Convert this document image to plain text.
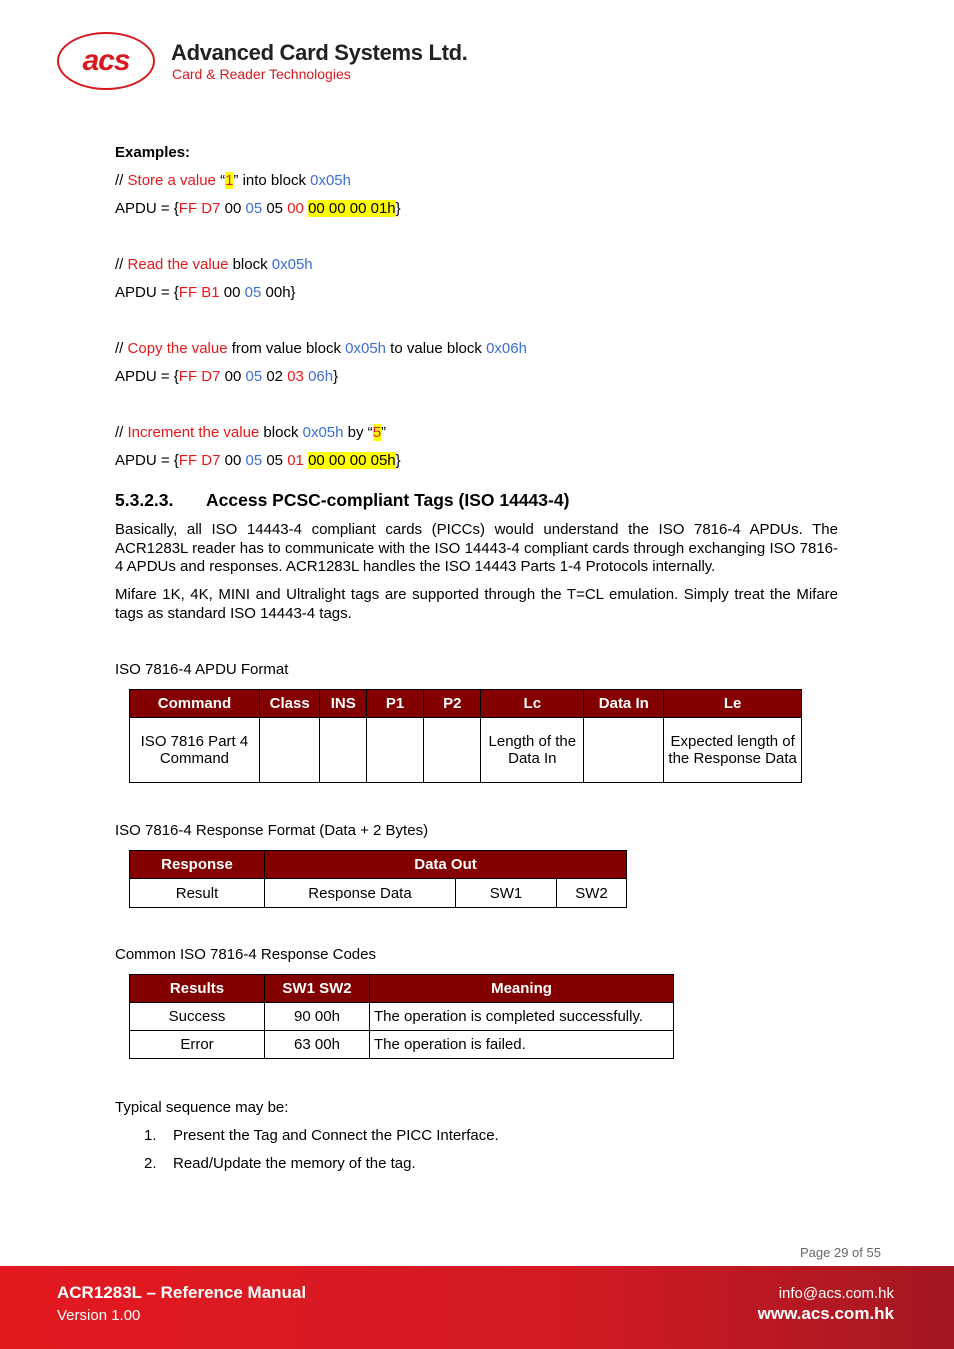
acs Advanced Card Systems Ltd.
Card & Reader Technologies
Examples:
// Store a value “1” into block 0x05h
APDU = {FF D7 00 05 05 00 00 00 00 01h}
// Read the value block 0x05h
APDU = {FF B1 00 05 00h}
// Copy the value from value block 0x05h to value block 0x06h
APDU = {FF D7 00 05 02 03 06h}
// Increment the value block 0x05h by “5”
APDU = {FF D7 00 05 05 01 00 00 00 05h}
5.3.2.3. Access PCSC-compliant Tags (ISO 14443-4)
Basically, all ISO 14443-4 compliant cards (PICCs) would understand the ISO 7816-4 APDUs. The ACR1283L reader has to communicate with the ISO 14443-4 compliant cards through exchanging ISO 7816-4 APDUs and responses. ACR1283L handles the ISO 14443 Parts 1-4 Protocols internally.
Mifare 1K, 4K, MINI and Ultralight tags are supported through the T=CL emulation. Simply treat the Mifare tags as standard ISO 14443-4 tags.
ISO 7816-4 APDU Format
Command	Class	INS	P1	P2	Lc	Data In	Le
ISO 7816 Part 4 Command					Length of the Data In		Expected length of the Response Data
ISO 7816-4 Response Format (Data + 2 Bytes)
Response	Data Out		
Result	Response Data	SW1	SW2
Common ISO 7816-4 Response Codes
Results	SW1 SW2	Meaning
Success	90 00h	The operation is completed successfully.
Error	63 00h	The operation is failed.
Typical sequence may be:
1. Present the Tag and Connect the PICC Interface.
2. Read/Update the memory of the tag.
Page 29 of 55
ACR1283L – Reference Manual
Version 1.00
info@acs.com.hk
www.acs.com.hk
